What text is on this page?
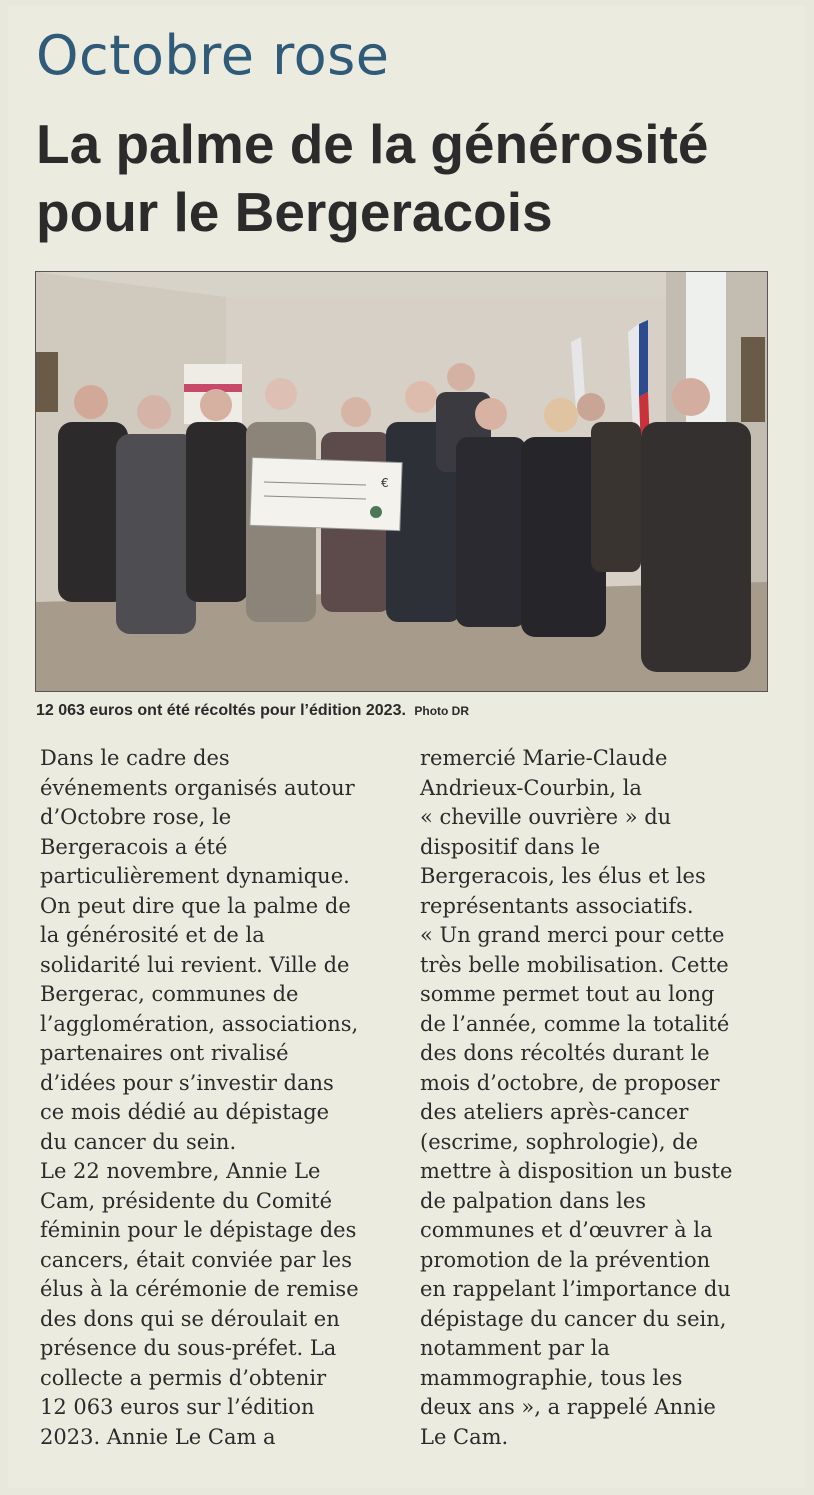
Octobre rose
La palme de la générosité
pour le Bergeracois
€
12 063 euros ont été récoltés pour l’édition 2023. Photo DR

Dans le cadre des

événements organisés autour

d’Octobre rose, le

Bergeracois a été

particulièrement dynamique.

On peut dire que la palme de

la générosité et de la

solidarité lui revient. Ville de

Bergerac, communes de

l’agglomération, associations,

partenaires ont rivalisé

d’idées pour s’investir dans

ce mois dédié au dépistage

du cancer du sein.

Le 22 novembre, Annie Le

Cam, présidente du Comité

féminin pour le dépistage des

cancers, était conviée par les

élus à la cérémonie de remise

des dons qui se déroulait en

présence du sous-préfet. La

collecte a permis d’obtenir

12 063 euros sur l’édition

2023. Annie Le Cam a

remercié Marie-Claude

Andrieux-Courbin, la

« cheville ouvrière » du

dispositif dans le

Bergeracois, les élus et les

représentants associatifs.

« Un grand merci pour cette

très belle mobilisation. Cette

somme permet tout au long

de l’année, comme la totalité

des dons récoltés durant le

mois d’octobre, de proposer

des ateliers après-cancer

(escrime, sophrologie), de

mettre à disposition un buste

de palpation dans les

communes et d’œuvrer à la

promotion de la prévention

en rappelant l’importance du

dépistage du cancer du sein,

notamment par la

mammographie, tous les

deux ans », a rappelé Annie

Le Cam.
